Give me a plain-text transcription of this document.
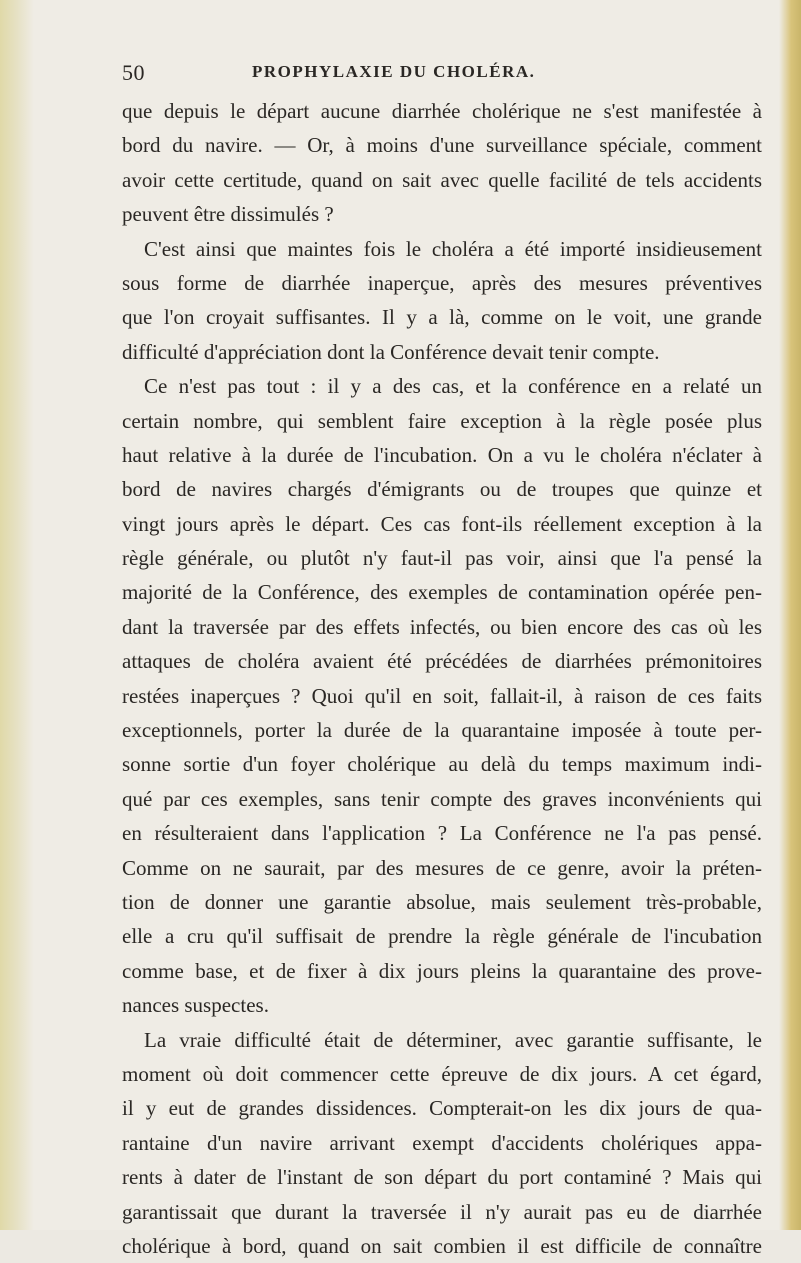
50	PROPHYLAXIE DU CHOLÉRA.
que depuis le départ aucune diarrhée cholérique ne s'est manifestée à
bord du navire. — Or, à moins d'une surveillance spéciale, comment
avoir cette certitude, quand on sait avec quelle facilité de tels accidents
peuvent être dissimulés ?
C'est ainsi que maintes fois le choléra a été importé insidieusement
sous forme de diarrhée inaperçue, après des mesures préventives
que l'on croyait suffisantes. Il y a là, comme on le voit, une grande
difficulté d'appréciation dont la Conférence devait tenir compte.
Ce n'est pas tout : il y a des cas, et la conférence en a relaté un
certain nombre, qui semblent faire exception à la règle posée plus
haut relative à la durée de l'incubation. On a vu le choléra n'éclater à
bord de navires chargés d'émigrants ou de troupes que quinze et
vingt jours après le départ. Ces cas font-ils réellement exception à la
règle générale, ou plutôt n'y faut-il pas voir, ainsi que l'a pensé la
majorité de la Conférence, des exemples de contamination opérée pen-
dant la traversée par des effets infectés, ou bien encore des cas où les
attaques de choléra avaient été précédées de diarrhées prémonitoires
restées inaperçues ? Quoi qu'il en soit, fallait-il, à raison de ces faits
exceptionnels, porter la durée de la quarantaine imposée à toute per-
sonne sortie d'un foyer cholérique au delà du temps maximum indi-
qué par ces exemples, sans tenir compte des graves inconvénients qui
en résulteraient dans l'application ? La Conférence ne l'a pas pensé.
Comme on ne saurait, par des mesures de ce genre, avoir la préten-
tion de donner une garantie absolue, mais seulement très-probable,
elle a cru qu'il suffisait de prendre la règle générale de l'incubation
comme base, et de fixer à dix jours pleins la quarantaine des prove-
nances suspectes.
La vraie difficulté était de déterminer, avec garantie suffisante, le
moment où doit commencer cette épreuve de dix jours. A cet égard,
il y eut de grandes dissidences. Compterait-on les dix jours de qua-
rantaine d'un navire arrivant exempt d'accidents cholériques appa-
rents à dater de l'instant de son départ du port contaminé ? Mais qui
garantissait que durant la traversée il n'y aurait pas eu de diarrhée
cholérique à bord, quand on sait combien il est difficile de connaître
